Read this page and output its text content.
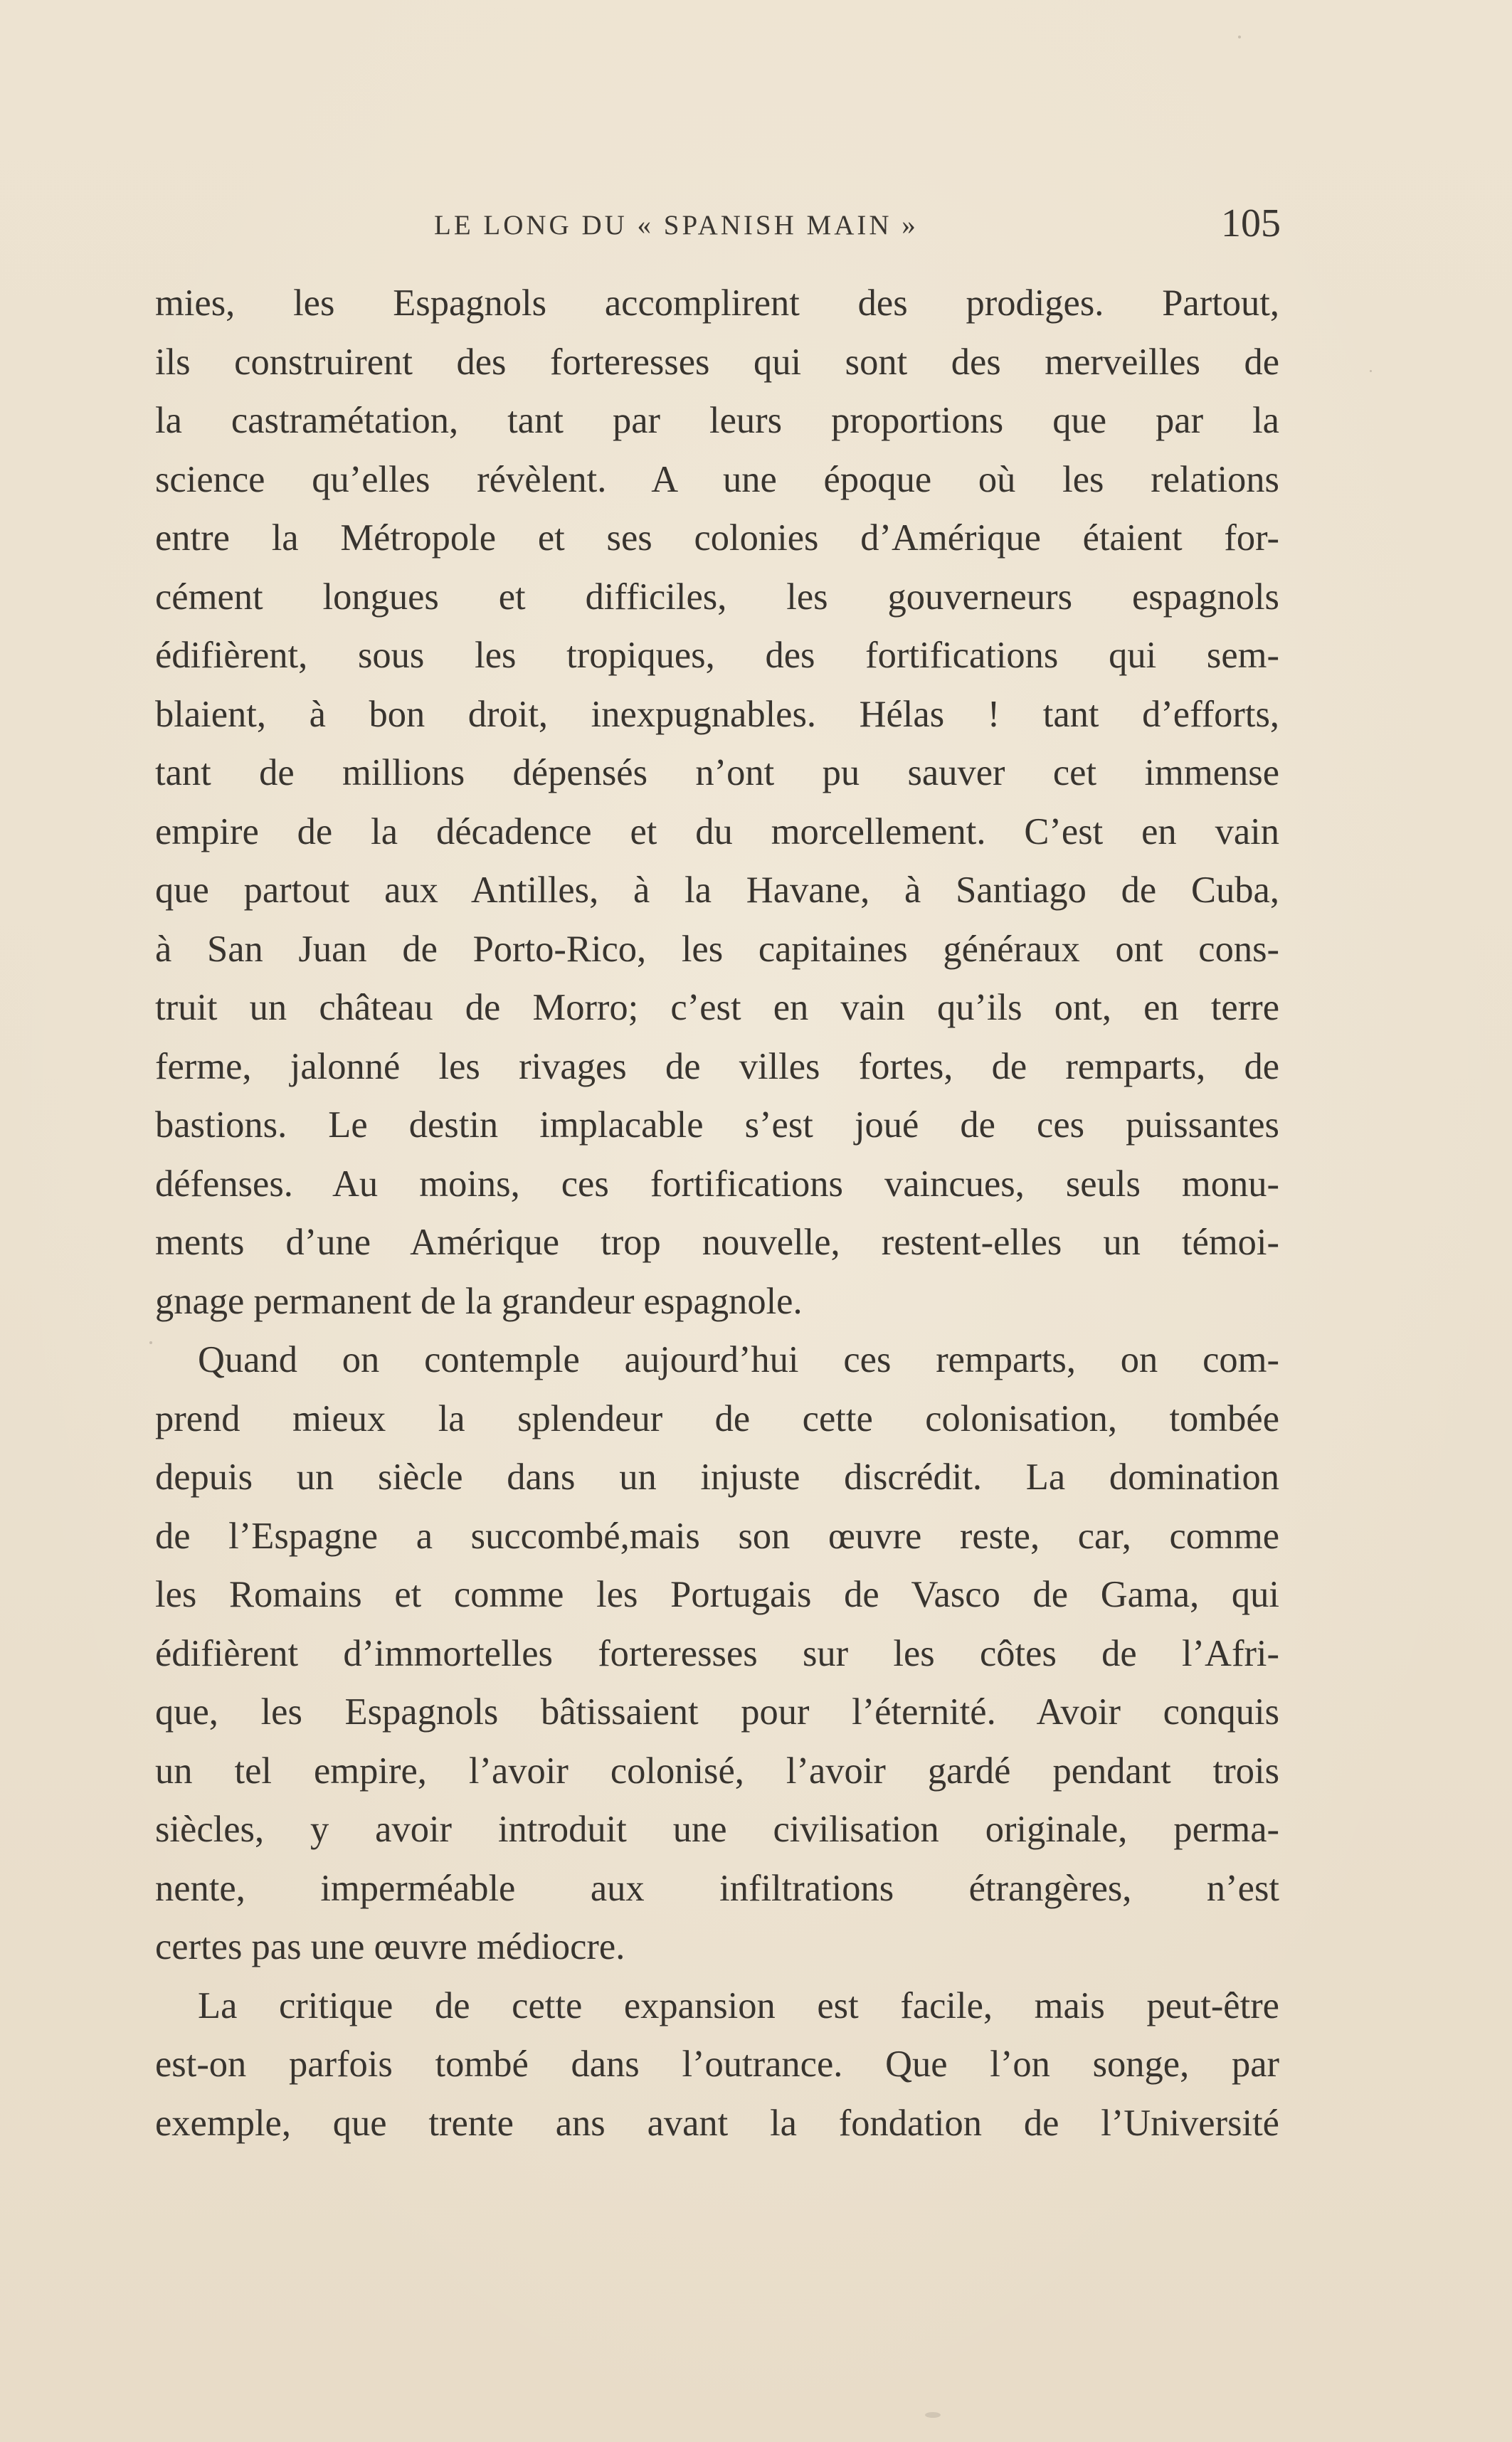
LE LONG DU « SPANISH MAIN »	105
mies, les Espagnols accomplirent des prodiges. Partout,
ils construirent des forteresses qui sont des merveilles de
la castramétation, tant par leurs proportions que par la
science qu’elles révèlent. A une époque où les relations
entre la Métropole et ses colonies d’Amérique étaient for-
cément longues et difficiles, les gouverneurs espagnols
édifièrent, sous les tropiques, des fortifications qui sem-
blaient, à bon droit, inexpugnables. Hélas ! tant d’efforts,
tant de millions dépensés n’ont pu sauver cet immense
empire de la décadence et du morcellement. C’est en vain
que partout aux Antilles, à la Havane, à Santiago de Cuba,
à San Juan de Porto-Rico, les capitaines généraux ont cons-
truit un château de Morro; c’est en vain qu’ils ont, en terre
ferme, jalonné les rivages de villes fortes, de remparts, de
bastions. Le destin implacable s’est joué de ces puissantes
défenses. Au moins, ces fortifications vaincues, seuls monu-
ments d’une Amérique trop nouvelle, restent-elles un témoi-
gnage permanent de la grandeur espagnole.
Quand on contemple aujourd’hui ces remparts, on com-
prend mieux la splendeur de cette colonisation, tombée
depuis un siècle dans un injuste discrédit. La domination
de l’Espagne a succombé,mais son œuvre reste, car, comme
les Romains et comme les Portugais de Vasco de Gama, qui
édifièrent d’immortelles forteresses sur les côtes de l’Afri-
que, les Espagnols bâtissaient pour l’éternité. Avoir conquis
un tel empire, l’avoir colonisé, l’avoir gardé pendant trois
siècles, y avoir introduit une civilisation originale, perma-
nente, imperméable aux infiltrations étrangères, n’est
certes pas une œuvre médiocre.
La critique de cette expansion est facile, mais peut-être
est-on parfois tombé dans l’outrance. Que l’on songe, par
exemple, que trente ans avant la fondation de l’Université
